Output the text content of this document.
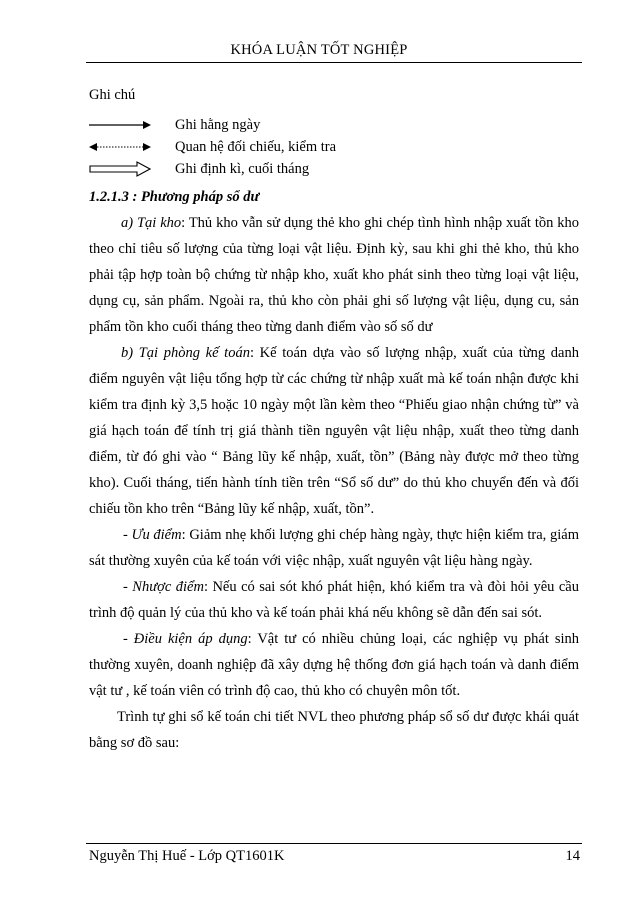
KHÓA LUẬN TỐT NGHIỆP
Ghi chú
Ghi hằng ngày
Quan hệ đối chiếu, kiểm tra
Ghi định kì, cuối tháng
1.2.1.3 : Phương pháp sổ dư

a) Tại kho: Thủ kho vẫn sử dụng thẻ kho ghi chép tình hình nhập xuất tồn kho theo chỉ tiêu số lượng của từng loại vật liệu. Định kỳ, sau khi ghi thẻ kho, thủ kho phải tập hợp toàn bộ chứng từ nhập kho, xuất kho phát sinh theo từng loại vật liệu, dụng cụ, sản phẩm. Ngoài ra, thủ kho còn phải ghi số lượng vật liệu, dụng cu, sản phẩm tồn kho cuối tháng theo từng danh điểm vào số số dư

b) Tại phòng kế toán: Kế toán dựa vào số lượng nhập, xuất của từng danh điểm nguyên vật liệu tổng hợp từ các chứng từ nhập xuất mà kế toán nhận được khi kiểm tra định kỳ 3,5 hoặc 10 ngày một lần kèm theo “Phiếu giao nhận chứng từ” và giá hạch toán để tính trị giá thành tiền nguyên vật liệu nhập, xuất theo từng danh điểm, từ đó ghi vào “ Bảng lũy kế nhập, xuất, tồn” (Bảng này được mở theo từng kho). Cuối tháng, tiến hành tính tiền trên “Sổ số dư” do thủ kho chuyển đến và đối chiếu tồn kho trên “Bảng lũy kế nhập, xuất, tồn”.

- Ưu điểm: Giảm nhẹ khối lượng ghi chép hàng ngày, thực hiện kiểm tra, giám sát thường xuyên của kế toán với việc nhập, xuất nguyên vật liệu hàng ngày.

- Nhược điểm: Nếu có sai sót khó phát hiện, khó kiểm tra và đòi hỏi yêu cầu trình độ quản lý của thủ kho và kế toán phải khá nếu không sẽ dẫn đến sai sót.

- Điều kiện áp dụng: Vật tư có nhiều chủng loại, các nghiệp vụ phát sinh thường xuyên, doanh nghiệp đã xây dựng hệ thống đơn giá hạch toán và danh điểm vật tư , kế toán viên có trình độ cao, thủ kho có chuyên môn tốt.

Trình tự ghi sổ kế toán chi tiết NVL theo phương pháp sổ số dư được khái quát bằng sơ đồ sau:

Nguyễn Thị Huế - Lớp QT1601K	14
